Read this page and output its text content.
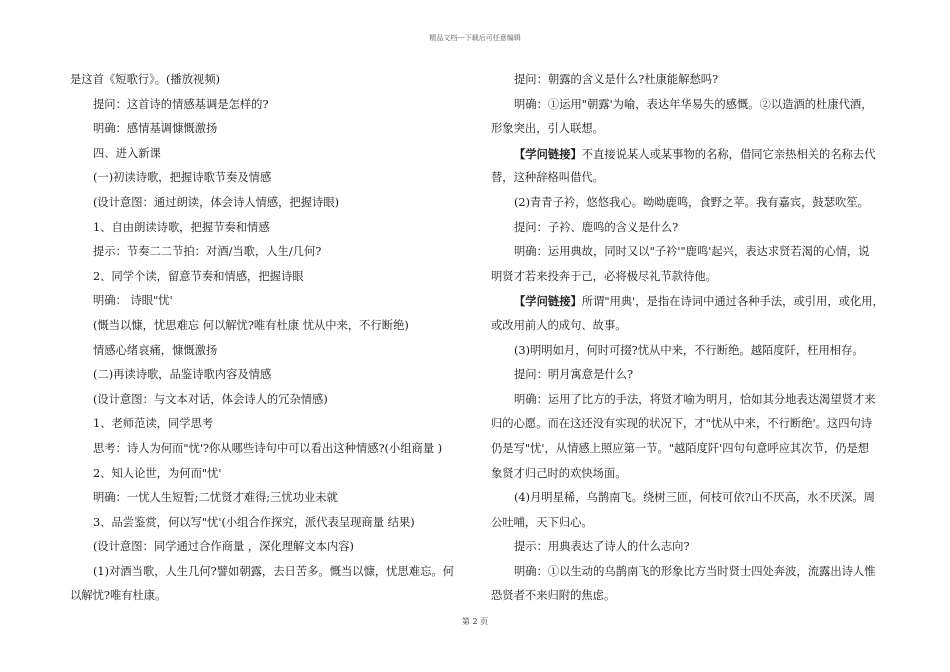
精品文档---下载后可任意编辑
是这首《短歌行》。(播放视频)
提问：这首诗的情感基调是怎样的?
明确：感情基调慷慨激扬
四、进入新课
(一)初读诗歌，把握诗歌节奏及情感
(设计意图：通过朗读，体会诗人情感，把握诗眼)
1、自由朗读诗歌，把握节奏和情感
提示：节奏二二节拍：对酒/当歌，人生/几何?
2、同学个读，留意节奏和情感，把握诗眼
明确： 诗眼"忧'
(慨当以慷，忧思难忘 何以解忧?唯有杜康 忧从中来，不行断绝)
情感心绪哀痛，慷慨激扬
(二)再读诗歌，品鉴诗歌内容及情感
(设计意图：与文本对话，体会诗人的冗杂情感)
1、老师范读，同学思考
思考：诗人为何而"忧'?你从哪些诗句中可以看出这种情感?(小组商量 )
2、知人论世，为何而"忧'
明确：一忧人生短暂;二忧贤才难得;三忧功业未就
3、品尝鉴赏，何以写"忧'(小组合作探究，派代表呈现商量 结果)
(设计意图：同学通过合作商量 ，深化理解文本内容)
(1)对酒当歌，人生几何?譬如朝露，去日苦多。慨当以慷，忧思难忘。何
以解忧?唯有杜康。
提问：朝露的含义是什么?杜康能解愁吗?
明确：①运用"朝露'为喻，表达年华易失的感慨。②以造酒的杜康代酒，
形象突出，引人联想。
【学问链接】不直接说某人或某事物的名称，借同它亲热相关的名称去代
替，这种辞格叫借代。
(2)青青子衿，悠悠我心。呦呦鹿鸣，食野之苹。我有嘉宾，鼓瑟吹笙。
提问：子衿、鹿鸣的含义是什么?
明确：运用典故，同时又以"子衿'"鹿鸣'起兴，表达求贤若渴的心情，说
明贤才若来投奔于己，必将极尽礼节款待他。
【学问链接】所谓"用典'，是指在诗词中通过各种手法，或引用，或化用，
或改用前人的成句、故事。
(3)明明如月，何时可掇?忧从中来，不行断绝。越陌度阡，枉用相存。
提问：明月寓意是什么?
明确：运用了比方的手法，将贤才喻为明月，恰如其分地表达渴望贤才来
归的心愿。而在这还没有实现的状况下，才"忧从中来，不行断绝'。这四句诗
仍是写"忧'，从情感上照应第一节。"越陌度阡'四句句意呼应其次节，仍是想
象贤才归己时的欢快场面。
(4)月明星稀，乌鹊南飞。绕树三匝，何枝可依?山不厌高，水不厌深。周
公吐哺，天下归心。
提示：用典表达了诗人的什么志向?
明确：①以生动的乌鹊南飞的形象比方当时贤士四处奔波，流露出诗人惟
恐贤者不来归附的焦虑。
第 2 页
